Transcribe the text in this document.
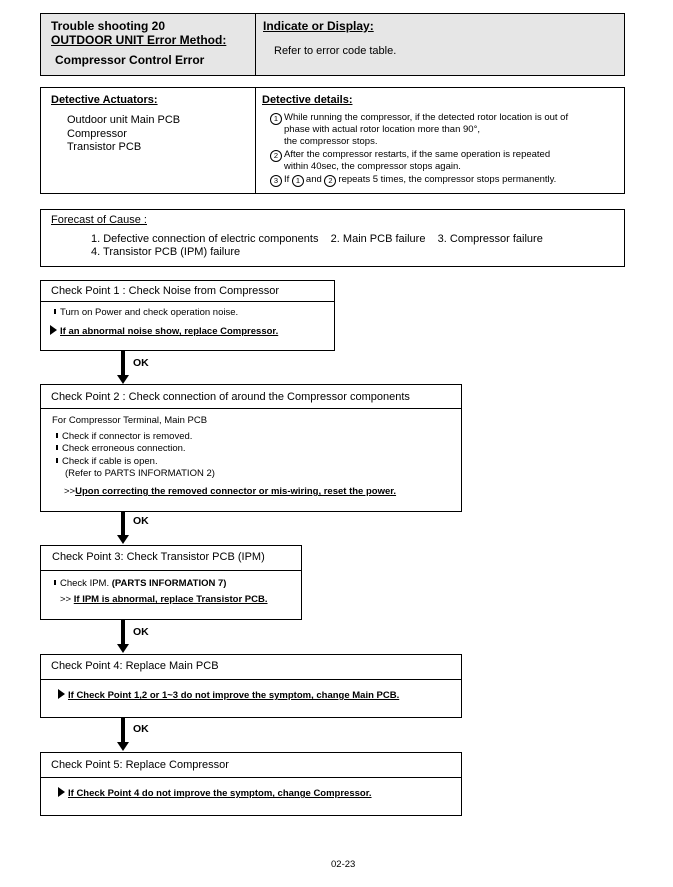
Trouble shooting 20
OUTDOOR UNIT Error Method:
Compressor Control Error
Indicate or Display:
Refer to error code table.
Detective Actuators:
Outdoor unit Main PCB
Compressor
Transistor PCB
Detective details:
1 While running the compressor, if the detected rotor location is out of
phase with actual rotor location more than 90°,
the compressor stops.
2 After the compressor restarts, if the same operation is repeated
within 40sec, the compressor stops again.
3 If 1 and 2 repeats 5 times, the compressor stops permanently.
Forecast of Cause :
1. Defective connection of electric components    2. Main PCB failure    3. Compressor failure
4. Transistor PCB (IPM) failure
Check Point 1 : Check Noise from Compressor
Turn on Power and check operation noise.
If an abnormal noise show, replace Compressor.
OK
Check Point 2 : Check connection of around the Compressor components
For Compressor Terminal, Main PCB
Check if connector is removed.
Check erroneous connection.
Check if cable is open.
(Refer to PARTS INFORMATION 2)
>>Upon correcting the removed connector or mis-wiring, reset the power.
OK
Check Point 3: Check Transistor PCB (IPM)
Check IPM. (PARTS INFORMATION 7)
>> If IPM is abnormal, replace Transistor PCB.
OK
Check Point 4: Replace Main PCB
If Check Point 1,2 or 1~3 do not improve the symptom, change Main PCB.
OK
Check Point 5: Replace Compressor
If Check Point 4 do not improve the symptom, change Compressor.
02-23
